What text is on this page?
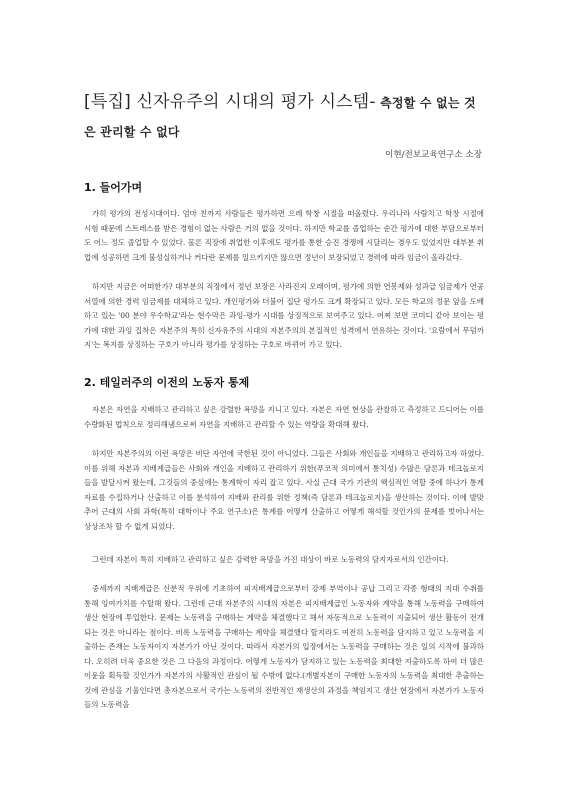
[특집] 신자유주의 시대의 평가 시스템- 측정할 수 없는 것은 관리할 수 없다
이현/전보교육연구소 소장
1. 들어가며
가히 평가의 전성시대이다. 엄마 친까지 사람들은 평가하면 으레 학창 시절을 떠올렸다. 우리나라 사람치고 학창 시절에 시험 때문에 스트레스를 받은 경험이 없는 사람은 거의 없을 것이다. 하지만 학교를 졸업하는 순간 평가에 대한 부담으로부터도 어느 정도 졸업할 수 있었다. 물론 직장에 취업한 이후에도 평가를 통한 승진 경쟁에 시달리는 경우도 있었지만 대부분 취업에 성공하면 크게 불성실하거나 커다란 문제를 일으키지만 않으면 정년이 보장되었고 경력에 따라 임금이 올라갔다.
하지만 지금은 어떠한가? 대부분의 직장에서 정년 보장은 사라진지 오래이며, 평가에 의한 연봉제와 성과급 임금제가 연공서열에 의한 경력 임금제를 대체하고 있다. 개인평가와 더불어 집단 평가도 크게 확장되고 있다. 모든 학교의 정문 앞을 도배하고 있는 '00 분야 우수학교'라는 현수막은 과잉-평가 시대를 상징적으로 보여주고 있다. 어찌 보면 코미디 같아 보이는 평가에 대한 과잉 집착은 자본주의 특히 신자유주의 시대의 자본주의의 본질적인 성격에서 연유하는 것이다. '요람에서 무덤까지'는 복지를 상징하는 구호가 아니라 평가를 상징하는 구호로 바뀌어 가고 있다.
2. 테일러주의 이전의 노동자 통제
자본은 자연을 지배하고 관리하고 싶은 강렬한 욕망을 지니고 있다. 자본은 자연 현상을 관찰하고 측정하고 드디어는 이를 수량화된 법칙으로 정리해냄으로써 자연을 지배하고 관리할 수 있는 역량을 확대해 왔다.
하지만 자본주의의 이런 욕망은 비단 자연에 국한된 것이 아니었다. 그들은 사회와 개인들을 지배하고 관리하고자 하였다. 이를 위해 자본과 지배계급들은 사회와 개인을 지배하고 관리하기 위한(푸코적 의미에서 통치성) 수많은 담론과 테크놀로지들을 발달시켜 왔는데, 그것들의 중심에는 통계학이 자리 잡고 있다. 사실 근대 국가 기관의 핵심적인 역할 중에 하나가 통계 자료를 수집하거나 산출하고 이를 분석하여 지배와 관리를 위한 정책(즉 담론과 테크놀로지)을 생산하는 것이다. 이에 발맞추어 근대의 사회 과학(특히 대학이나 주요 연구소)은 통계를 어떻게 산출하고 어떻게 해석할 것인가의 문제를 벗어나서는 상상조차 할 수 없게 되었다.
그런데 자본이 특히 지배하고 관리하고 싶은 강력한 욕망을 가진 대상이 바로 노동력의 담지자로서의 인간이다.
중세까지 지배계급은 신분적 우위에 기초하여 피지배계급으로부터 강제 부역이나 공납 그리고 각종 형태의 지대 수취를 통해 잉여가치를 수탈해 왔다. 그런데 근대 자본주의 시대의 자본은 피지배계급인 노동자와 계약을 통해 노동력을 구매하여 생산 현장에 투입한다. 문제는 노동력을 구매하는 계약을 체결했다고 해서 자동적으로 노동력이 지출되어 생산 활동이 전개되는 것은 아니라는 점이다. 비록 노동력을 구매하는 계약을 체결했다 할지라도 여전히 노동력을 담지하고 있고 노동력을 지출하는 존재는 노동자이지 자본가가 아닌 것이다. 따라서 자본가의 입장에서는 노동력을 구매하는 것은 일의 시작에 불과하다. 오히려 더욱 중요한 것은 그 다음의 과정이다. 어떻게 노동자가 담지하고 있는 노동력을 최대한 지출하도록 하여 더 많은 이윤을 획득할 것인가가 자본가의 사활적인 관심이 될 수밖에 없다.(개별자본이 구매한 노동자의 노동력을 최대한 추출하는 것에 관심을 기울인다면 총자본으로서 국가는 노동력의 전반적인 재생산의 과정을 책임지고 생산 현장에서 자본가가 노동자들의 노동력을
